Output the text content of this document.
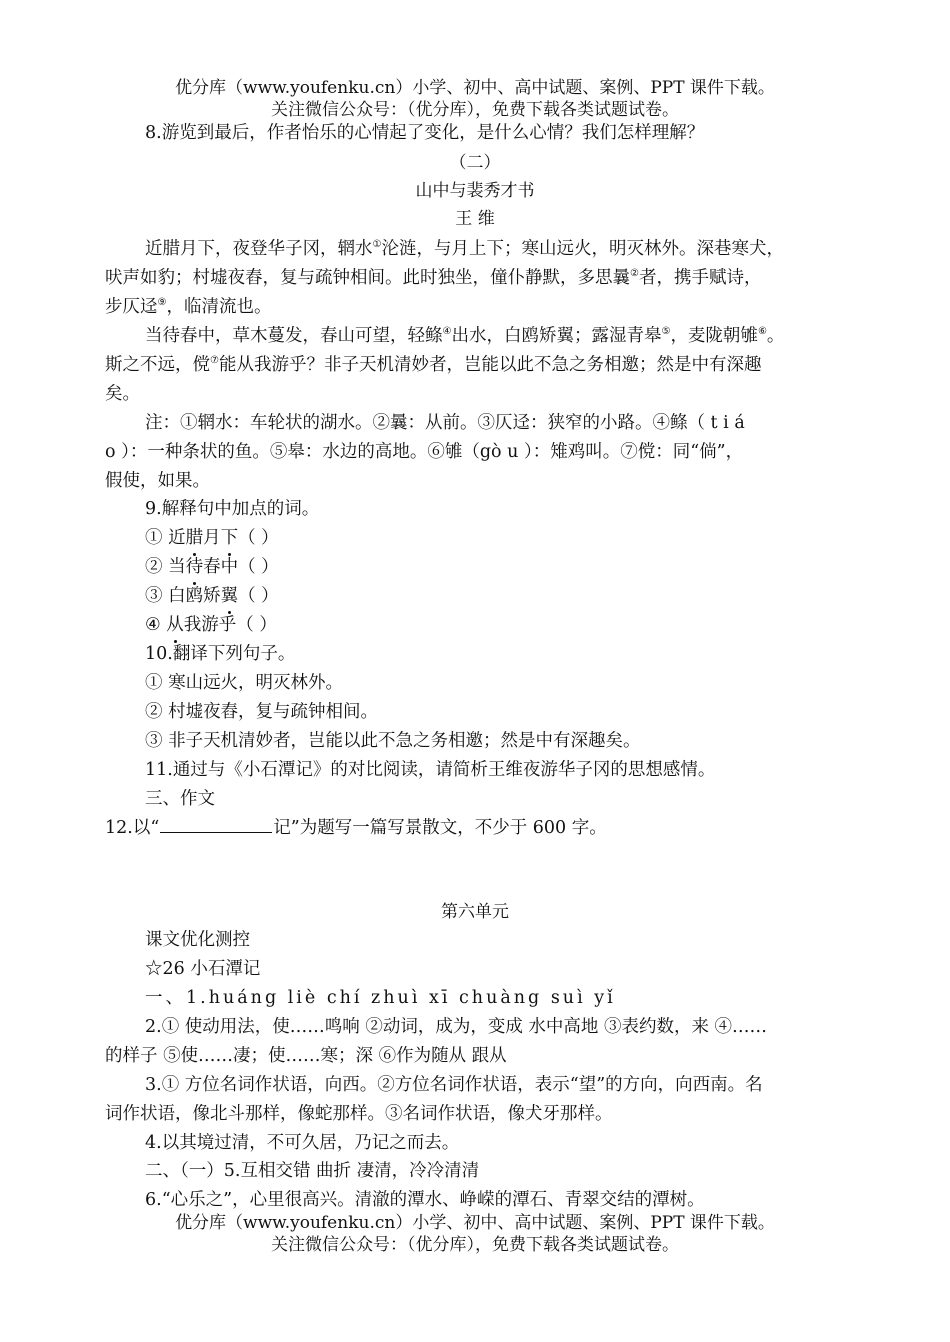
优分库（www.youfenku.cn）小学、初中、高中试题、案例、PPT 课件下载。
关注微信公众号：（优分库），免费下载各类试题试卷。
8.游览到最后，作者怡乐的心情起了变化，是什么心情？我们怎样理解？
（二）
山中与裴秀才书
王 维
近腊月下，夜登华子冈，辋水①沦涟，与月上下；寒山远火，明灭林外。深巷寒犬，
吠声如豹；村墟夜舂，复与疏钟相间。此时独坐，僮仆静默，多思曩②者，携手赋诗，
步仄迳⑨，临清流也。
当待春中，草木蔓发，春山可望，轻鲦④出水，白鸥矫翼；露湿青皋⑤，麦陇朝雊⑥。
斯之不远，傥⑦能从我游乎？非子天机清妙者，岂能以此不急之务相邀；然是中有深趣
矣。
注：①辋水：车轮状的湖水。②曩：从前。③仄迳：狭窄的小路。④鲦（ t i á
o ）：一种条状的鱼。⑤皋：水边的高地。⑥雊（gò u ）：雉鸡叫。⑦傥：同“倘”，
假使，如果。
9.解释句中加点的词。
① 近腊月下（ ）
② 当待春中（ ）
③ 白鸥矫翼（ ）
④ 从我游乎（ ）
10.翻译下列句子。
① 寒山远火，明灭林外。
② 村墟夜舂，复与疏钟相间。
③ 非子天机清妙者，岂能以此不急之务相邀；然是中有深趣矣。
11.通过与《小石潭记》的对比阅读，请简析王维夜游华子冈的思想感情。
三、作文
12.以“	记”为题写一篇写景散文，不少于 600 字。
第六单元
课文优化测控
☆26 小石潭记
一、1.huáng liè chí zhuì xī chuàng suì yǐ
2.① 使动用法，使……鸣响 ②动词，成为，变成 水中高地 ③表约数，来 ④……
的样子 ⑤使……凄；使……寒；深 ⑥作为随从 跟从
3.① 方位名词作状语，向西。②方位名词作状语，表示“望”的方向，向西南。名
词作状语，像北斗那样，像蛇那样。③名词作状语，像犬牙那样。
4.以其境过清，不可久居，乃记之而去。
二、（一）5.互相交错 曲折 凄清，冷冷清清
6.“心乐之”，心里很高兴。清澈的潭水、峥嵘的潭石、青翠交结的潭树。
优分库（www.youfenku.cn）小学、初中、高中试题、案例、PPT 课件下载。
关注微信公众号：（优分库），免费下载各类试题试卷。
